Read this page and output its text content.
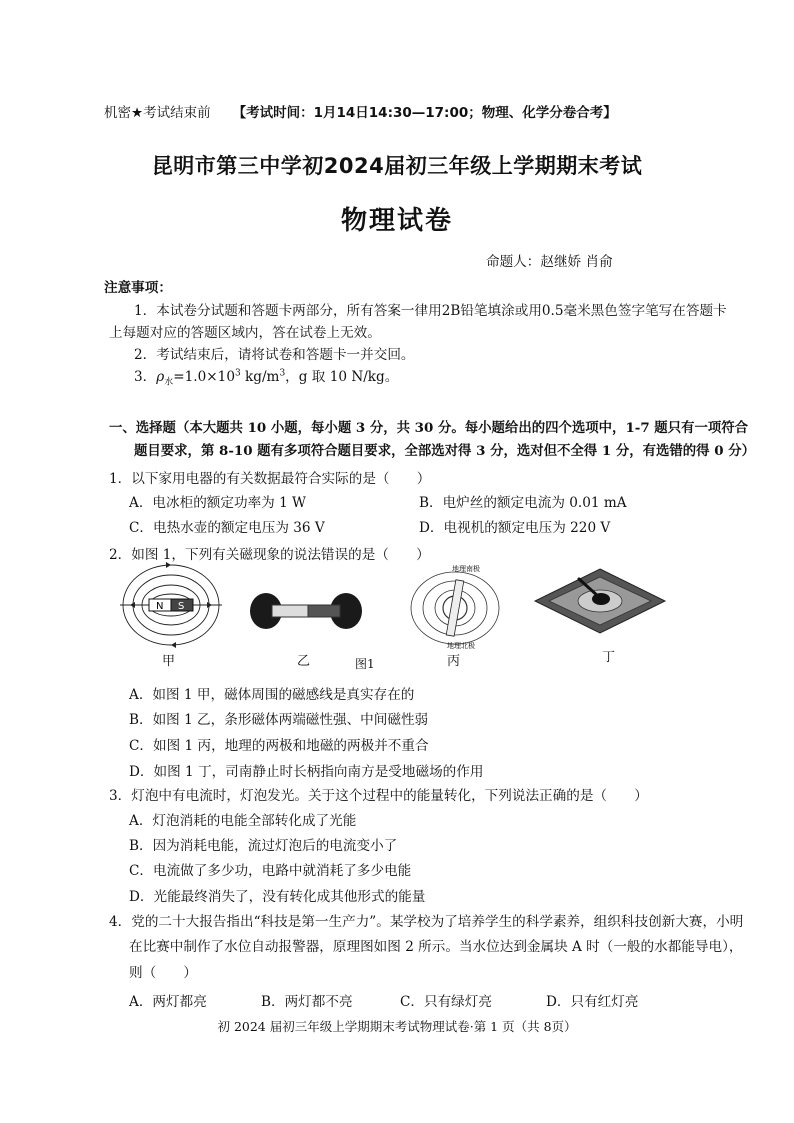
机密★考试结束前 【考试时间：1月14日14:30—17:00；物理、化学分卷合考】
昆明市第三中学初2024届初三年级上学期期末考试
物理试卷
命题人：赵继娇 肖俞
注意事项：
1．本试卷分试题和答题卡两部分，所有答案一律用2B铅笔填涂或用0.5毫米黑色签字笔写在答题卡
上每题对应的答题区域内，答在试卷上无效。
2．考试结束后，请将试卷和答题卡一并交回。
3．$\rho_水=1.0\times 10^3$ $kg/m^3$，g 取 10 N/kg。
一、选择题（本大题共 10 小题，每小题 3 分，共 30 分。每小题给出的四个选项中，1-7 题只有一项符合
题目要求，第 8-10 题有多项符合题目要求，全部选对得 3 分，选对但不全得 1 分，有选错的得 0 分）
1．以下家用电器的有关数据最符合实际的是（　　）
A．电冰柜的额定功率为 1 W	B．电炉丝的额定电流为 0.01 mA
C．电热水壶的额定电压为 36 V	D．电视机的额定电压为 220 V
2．如图 1，下列有关磁现象的说法错误的是（　　）
N S
甲	乙	图1
地理南极
地理北极
丙	丁
A．如图 1 甲，磁体周围的磁感线是真实存在的
B．如图 1 乙，条形磁体两端磁性强、中间磁性弱
C．如图 1 丙，地理的两极和地磁的两极并不重合
D．如图 1 丁，司南静止时长柄指向南方是受地磁场的作用
3．灯泡中有电流时，灯泡发光。关于这个过程中的能量转化，下列说法正确的是（　　）
A．灯泡消耗的电能全部转化成了光能
B．因为消耗电能，流过灯泡后的电流变小了
C．电流做了多少功，电路中就消耗了多少电能
D．光能最终消失了，没有转化成其他形式的能量
4．党的二十大报告指出“科技是第一生产力”。某学校为了培养学生的科学素养，组织科技创新大赛，小明
在比赛中制作了水位自动报警器，原理图如图 2 所示。当水位达到金属块 A 时（一般的水都能导电），
则（　　）
A．两灯都亮	B．两灯都不亮	C．只有绿灯亮	D．只有红灯亮
初 2024 届初三年级上学期期末考试物理试卷·第 1 页（共 8页）
